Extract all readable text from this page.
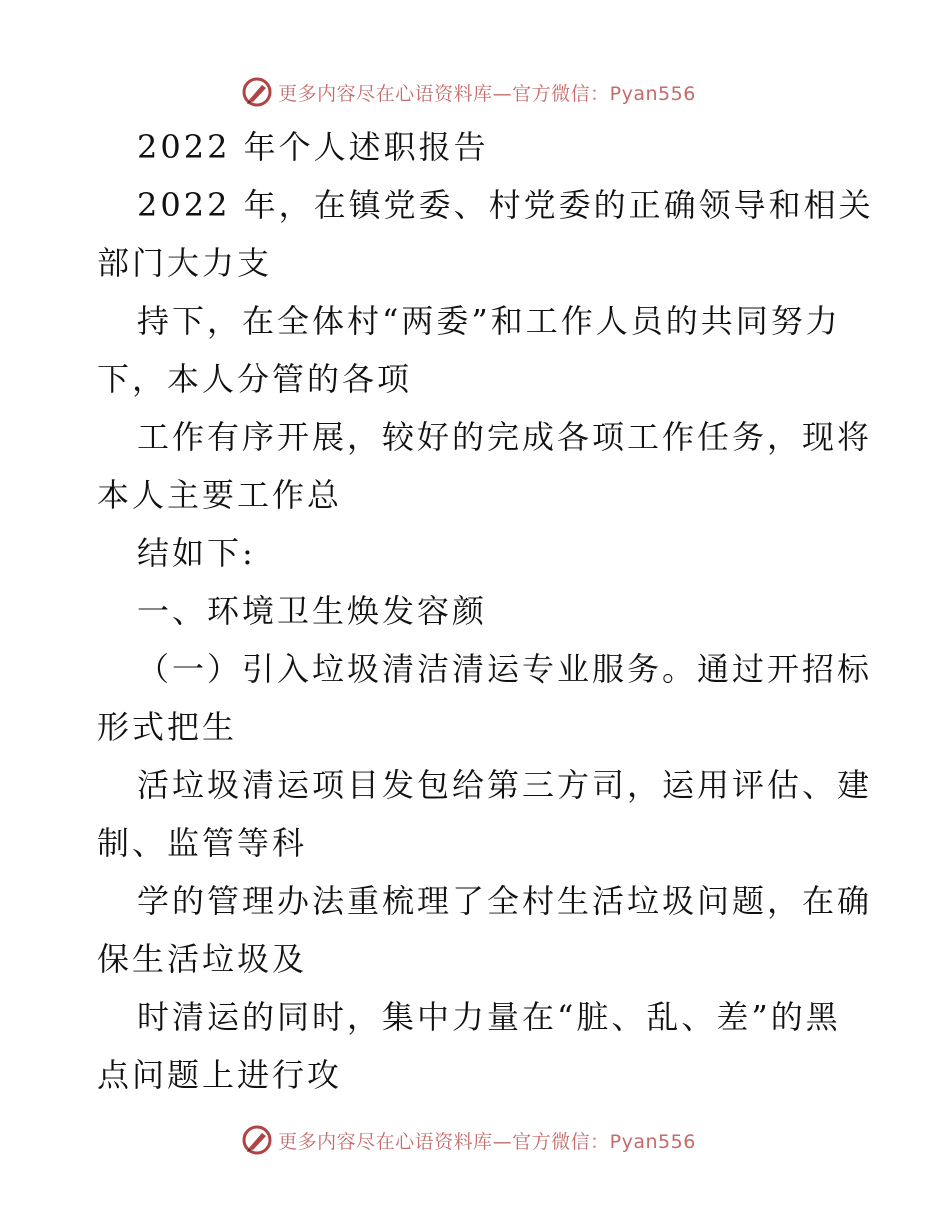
更多内容尽在心语资料库—官方微信：Pyan556

2022 年个人述职报告

2022 年，在镇党委、村党委的正确领导和相关

部门大力支

持下，在全体村“两委”和工作人员的共同努力

下，本人分管的各项

工作有序开展，较好的完成各项工作任务，现将

本人主要工作总

结如下:

一、环境卫生焕发容颜

（一）引入垃圾清洁清运专业服务。通过开招标

形式把生

活垃圾清运项目发包给第三方司，运用评估、建

制、监管等科

学的管理办法重梳理了全村生活垃圾问题，在确

保生活垃圾及

时清运的同时，集中力量在“脏、乱、差”的黑

点问题上进行攻

更多内容尽在心语资料库—官方微信：Pyan556
